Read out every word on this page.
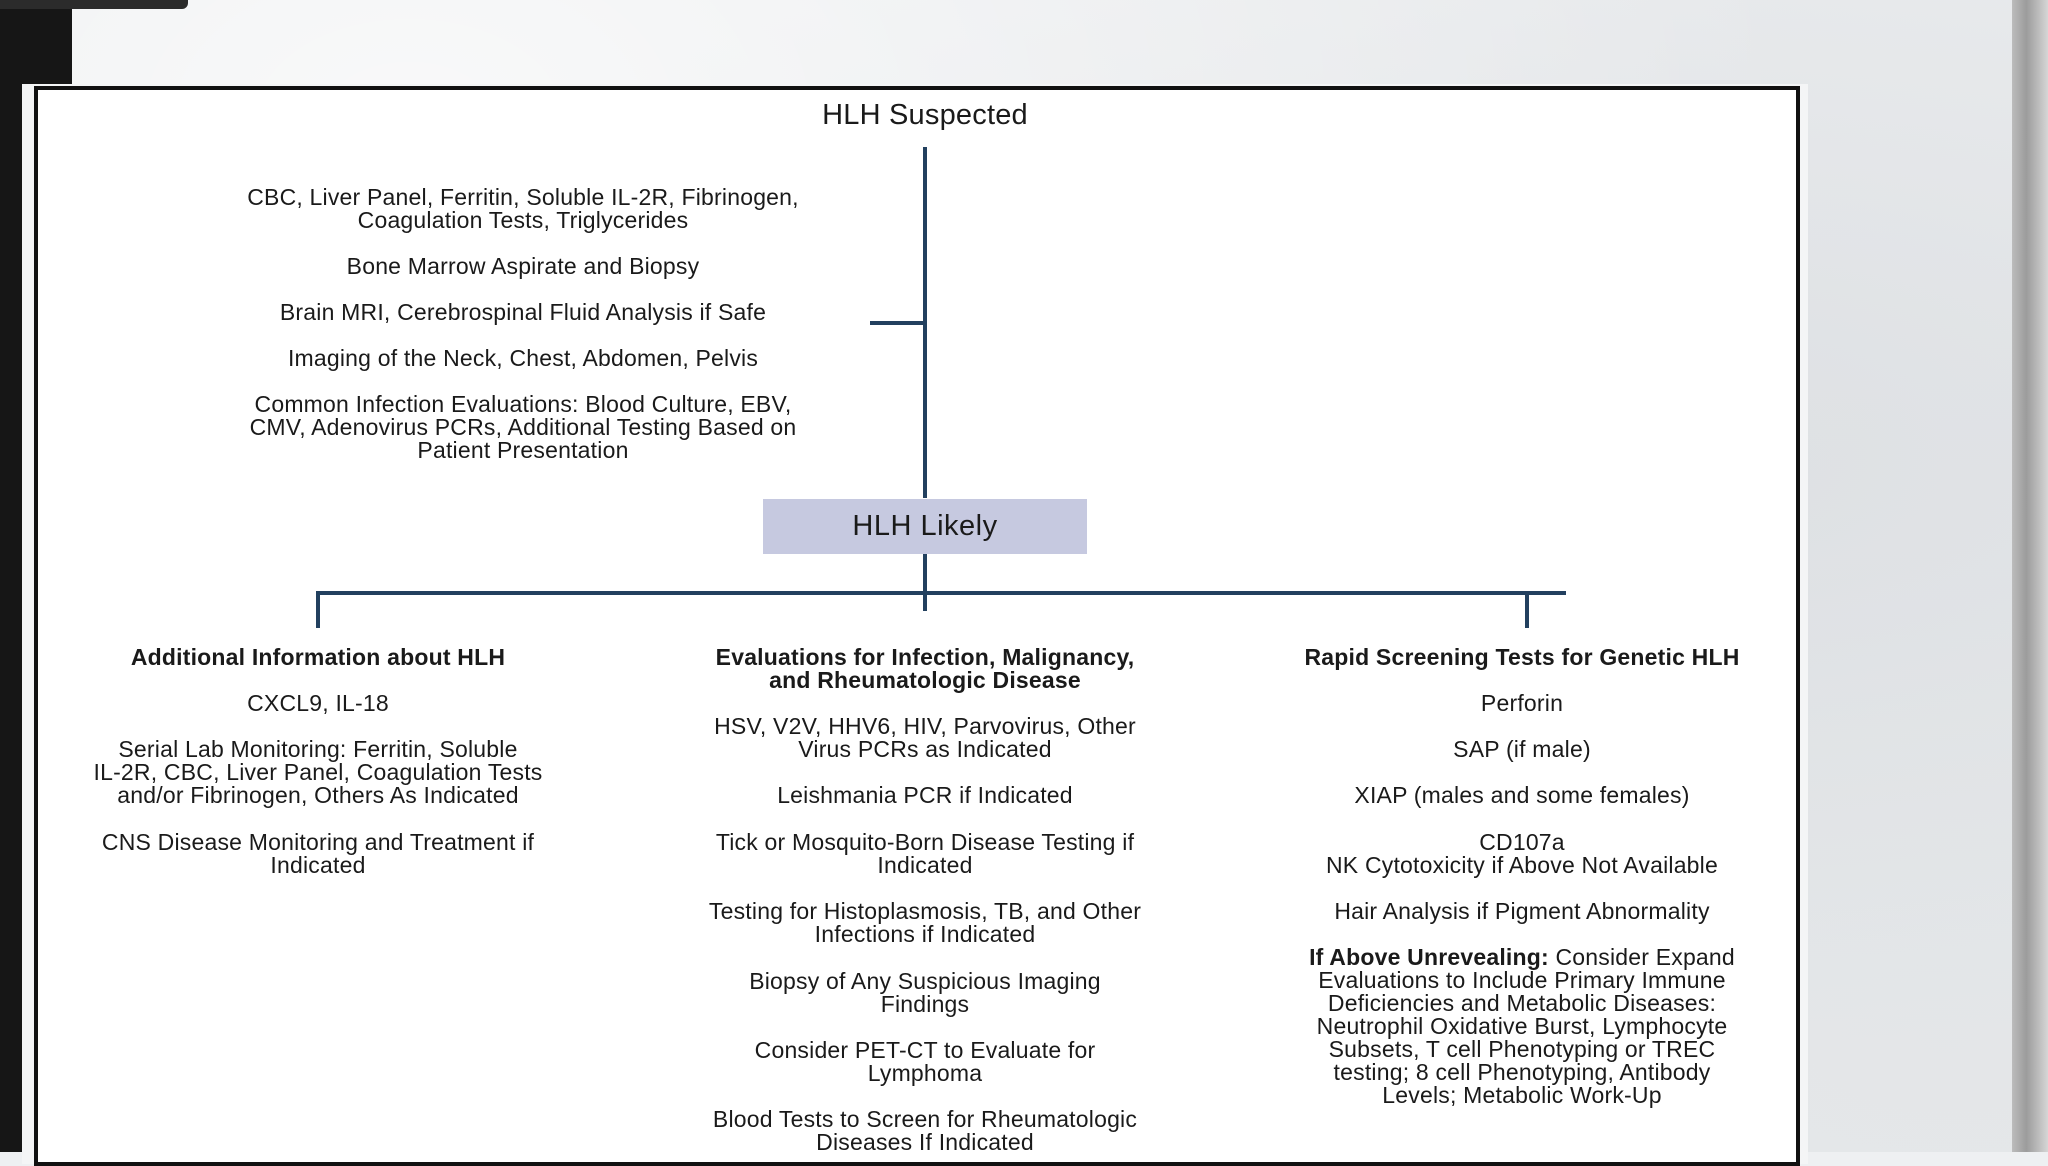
HLH Suspected
CBC, Liver Panel, Ferritin, Soluble IL-2R, Fibrinogen,
Coagulation Tests, Triglycerides
Bone Marrow Aspirate and Biopsy
Brain MRI, Cerebrospinal Fluid Analysis if Safe
Imaging of the Neck, Chest, Abdomen, Pelvis
Common Infection Evaluations: Blood Culture, EBV,
CMV, Adenovirus PCRs, Additional Testing Based on
Patient Presentation
Additional Information about HLH
CXCL9, IL-18
Serial Lab Monitoring: Ferritin, Soluble
IL-2R, CBC, Liver Panel, Coagulation Tests
and/or Fibrinogen, Others As Indicated
CNS Disease Monitoring and Treatment if
Indicated
Evaluations for Infection, Malignancy,
and Rheumatologic Disease
HSV, V2V, HHV6, HIV, Parvovirus, Other
Virus PCRs as Indicated
Leishmania PCR if Indicated
Tick or Mosquito-Born Disease Testing if
Indicated
Testing for Histoplasmosis, TB, and Other
Infections if Indicated
Biopsy of Any Suspicious Imaging
Findings
Consider PET-CT to Evaluate for
Lymphoma
Blood Tests to Screen for Rheumatologic
Diseases If Indicated
Rapid Screening Tests for Genetic HLH
Perforin
SAP (if male)
XIAP (males and some females)
CD107a
NK Cytotoxicity if Above Not Available
Hair Analysis if Pigment Abnormality
If Above Unrevealing: Consider Expand
Evaluations to Include Primary Immune
Deficiencies and Metabolic Diseases:
Neutrophil Oxidative Burst, Lymphocyte
Subsets, T cell Phenotyping or TREC
testing; 8 cell Phenotyping, Antibody
Levels; Metabolic Work-Up
HLH Likely
